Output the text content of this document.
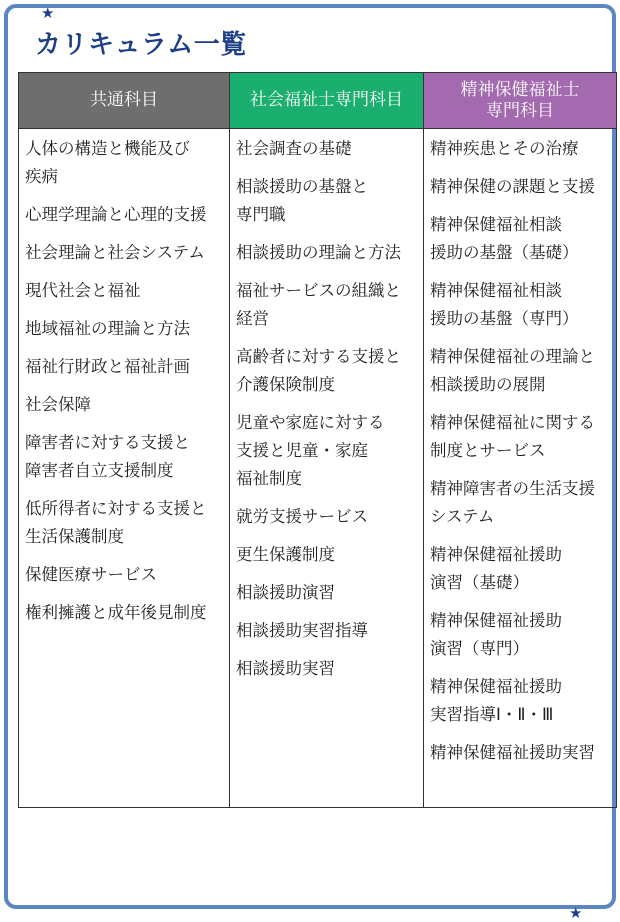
★
カリキュラム一覧
共通科目
人体の構造と機能及び
疾病
心理学理論と心理的支援
社会理論と社会システム
現代社会と福祉
地域福祉の理論と方法
福祉行財政と福祉計画
社会保障
障害者に対する支援と
障害者自立支援制度
低所得者に対する支援と
生活保護制度
保健医療サービス
権利擁護と成年後見制度
社会福祉士専門科目
社会調査の基礎
相談援助の基盤と
専門職
相談援助の理論と方法
福祉サービスの組織と
経営
高齢者に対する支援と
介護保険制度
児童や家庭に対する
支援と児童・家庭
福祉制度
就労支援サービス
更生保護制度
相談援助演習
相談援助実習指導
相談援助実習
精神保健福祉士
専門科目
精神疾患とその治療
精神保健の課題と支援
精神保健福祉相談
援助の基盤（基礎）
精神保健福祉相談
援助の基盤（専門）
精神保健福祉の理論と
相談援助の展開
精神保健福祉に関する
制度とサービス
精神障害者の生活支援
システム
精神保健福祉援助
演習（基礎）
精神保健福祉援助
演習（専門）
精神保健福祉援助
実習指導Ⅰ・Ⅱ・Ⅲ
精神保健福祉援助実習
★
